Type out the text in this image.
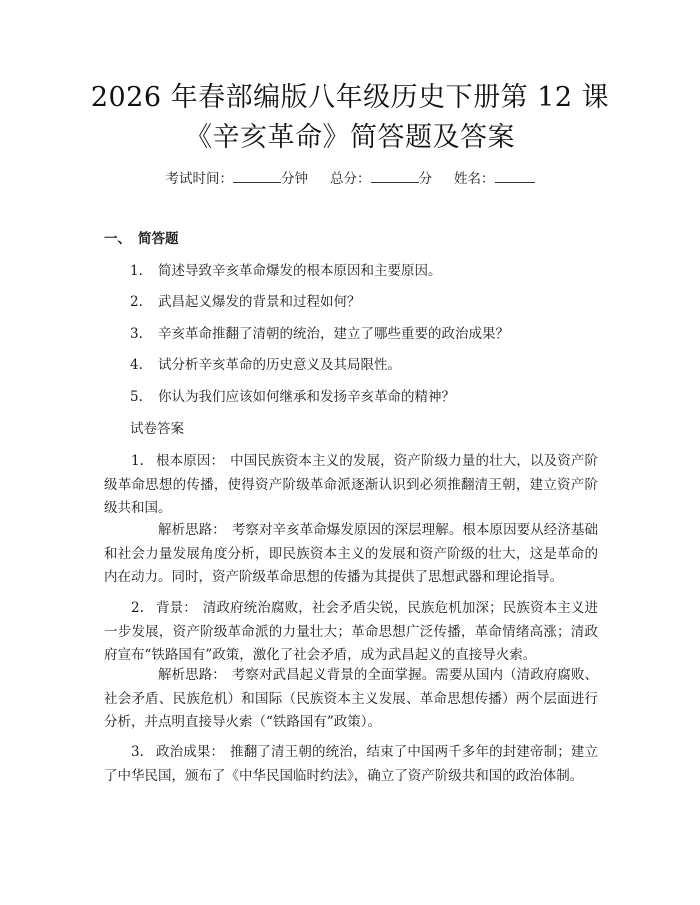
2026 年春部编版八年级历史下册第 12 课
《辛亥革命》简答题及答案
考试时间：	分钟 总分：	分 姓名：
一、 简答题
1. 简述导致辛亥革命爆发的根本原因和主要原因。
2. 武昌起义爆发的背景和过程如何？
3. 辛亥革命推翻了清朝的统治，建立了哪些重要的政治成果？
4. 试分析辛亥革命的历史意义及其局限性。
5. 你认为我们应该如何继承和发扬辛亥革命的精神？
试卷答案
1. 根本原因： 中国民族资本主义的发展，资产阶级力量的壮大，以及资产阶级革命思想的传播，使得资产阶级革命派逐渐认识到必须推翻清王朝，建立资产阶级共和国。
解析思路： 考察对辛亥革命爆发原因的深层理解。根本原因要从经济基础和社会力量发展角度分析，即民族资本主义的发展和资产阶级的壮大，这是革命的内在动力。同时，资产阶级革命思想的传播为其提供了思想武器和理论指导。
2. 背景： 清政府统治腐败，社会矛盾尖锐，民族危机加深；民族资本主义进一步发展，资产阶级革命派的力量壮大；革命思想广泛传播，革命情绪高涨；清政府宣布“铁路国有”政策，激化了社会矛盾，成为武昌起义的直接导火索。
解析思路： 考察对武昌起义背景的全面掌握。需要从国内（清政府腐败、社会矛盾、民族危机）和国际（民族资本主义发展、革命思想传播）两个层面进行分析，并点明直接导火索（“铁路国有”政策）。
3. 政治成果： 推翻了清王朝的统治，结束了中国两千多年的封建帝制；建立了中华民国，颁布了《中华民国临时约法》，确立了资产阶级共和国的政治体制。
